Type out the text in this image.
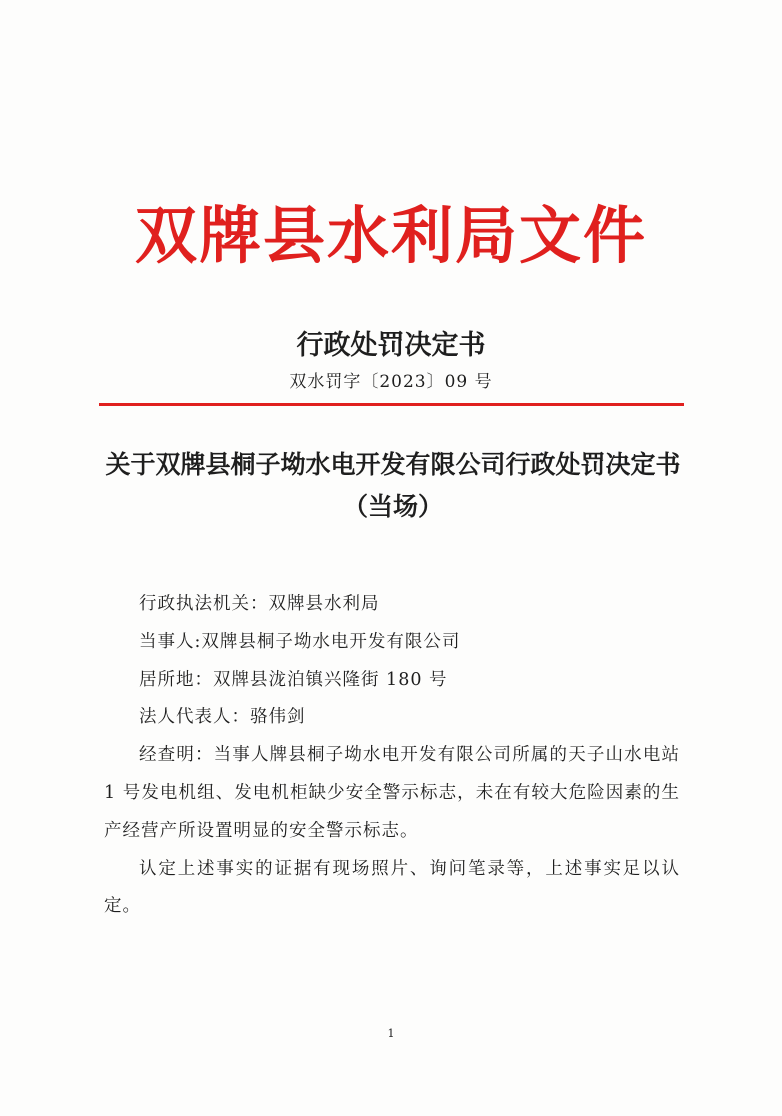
双牌县水利局文件
行政处罚决定书
双水罚字〔2023〕09 号
关于双牌县桐子坳水电开发有限公司行政处罚决定书（当场）

行政执法机关：双牌县水利局

当事人:双牌县桐子坳水电开发有限公司

居所地：双牌县泷泊镇兴隆街 180 号

法人代表人：骆伟剑

经查明：当事人牌县桐子坳水电开发有限公司所属的天子山水电站 1 号发电机组、发电机柜缺少安全警示标志，未在有较大危险因素的生产经营产所设置明显的安全警示标志。

认定上述事实的证据有现场照片、询问笔录等，上述事实足以认定。

1
